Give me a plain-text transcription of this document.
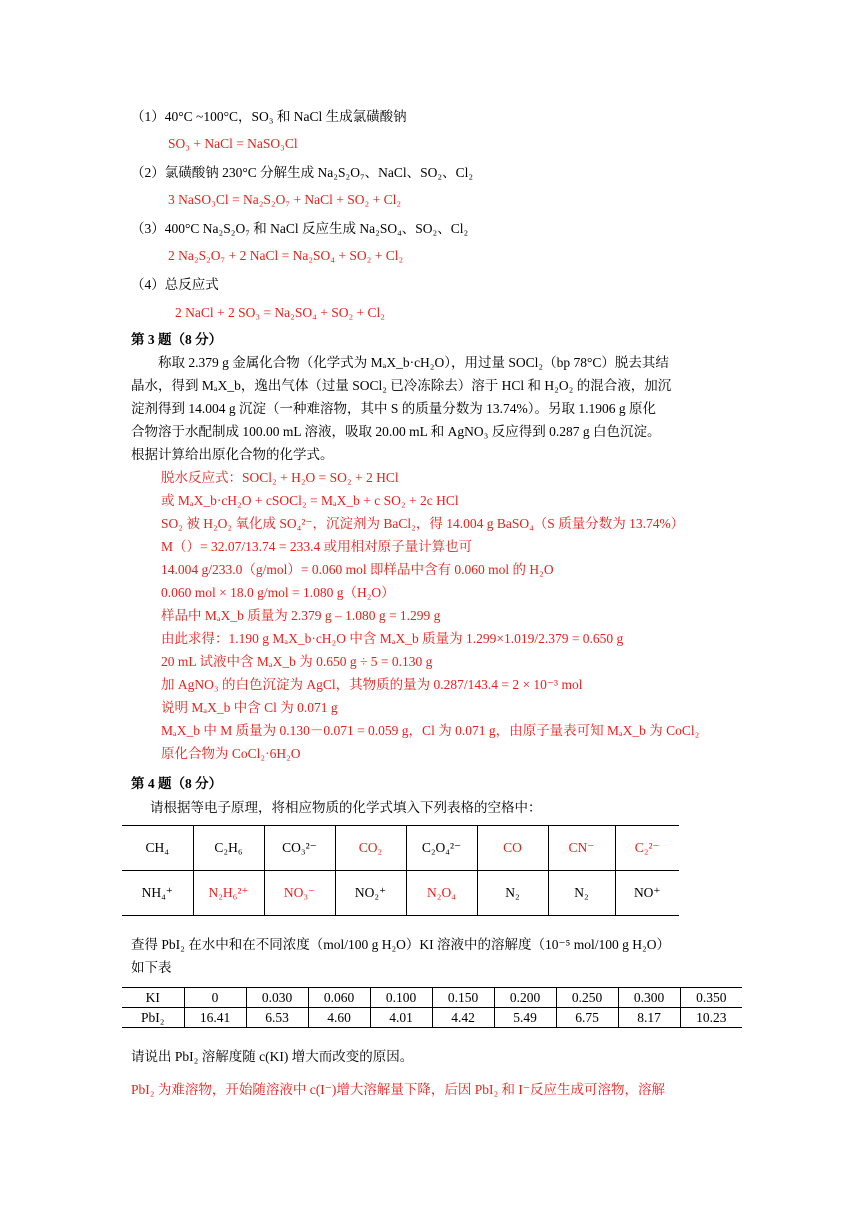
（1）40°C ~100°C，SO₃ 和 NaCl 生成氯磺酸钠
SO₃ + NaCl = NaSO₃Cl
（2）氯磺酸钠 230°C 分解生成 Na₂S₂O₇、NaCl、SO₂、Cl₂
3 NaSO₃Cl = Na₂S₂O₇ + NaCl + SO₂ + Cl₂
（3）400°C Na₂S₂O₇ 和 NaCl 反应生成 Na₂SO₄、SO₂、Cl₂
2 Na₂S₂O₇ + 2 NaCl = Na₂SO₄ + SO₂ + Cl₂
（4）总反应式
2 NaCl + 2 SO₃ = Na₂SO₄ + SO₂ + Cl₂
第 3 题（8 分）
称取 2.379 g 金属化合物（化学式为 MₐX_b·cH₂O），用过量 SOCl₂（bp 78°C）脱去其结
晶水，得到 MₐX_b，逸出气体（过量 SOCl₂ 已冷冻除去）溶于 HCl 和 H₂O₂ 的混合液，加沉
淀剂得到 14.004 g 沉淀（一种难溶物，其中 S 的质量分数为 13.74%）。另取 1.1906 g 原化
合物溶于水配制成 100.00 mL 溶液，吸取 20.00 mL 和 AgNO₃ 反应得到 0.287 g 白色沉淀。
根据计算给出原化合物的化学式。
脱水反应式：SOCl₂ + H₂O = SO₂ + 2 HCl
或 MₐX_b·cH₂O + cSOCl₂ = MₐX_b + c SO₂ + 2c HCl
SO₂ 被 H₂O₂ 氧化成 SO₄²⁻，沉淀剂为 BaCl₂，得 14.004 g BaSO₄（S 质量分数为 13.74%）
M（）= 32.07/13.74 = 233.4 或用相对原子量计算也可
14.004 g/233.0（g/mol）= 0.060 mol 即样品中含有 0.060 mol 的 H₂O
0.060 mol × 18.0 g/mol = 1.080 g（H₂O）
样品中 MₐX_b 质量为 2.379 g – 1.080 g = 1.299 g
由此求得：1.190 g MₐX_b·cH₂O 中含 MₐX_b 质量为 1.299×1.019/2.379 = 0.650 g
20 mL 试液中含 MₐX_b 为 0.650 g ÷ 5 = 0.130 g
加 AgNO₃ 的白色沉淀为 AgCl，其物质的量为 0.287/143.4 = 2 × 10⁻³ mol
说明 MₐX_b 中含 Cl 为 0.071 g
MₐX_b 中 M 质量为 0.130－0.071 = 0.059 g，Cl 为 0.071 g，由原子量表可知 MₐX_b 为 CoCl₂
原化合物为 CoCl₂·6H₂O
第 4 题（8 分）
请根据等电子原理，将相应物质的化学式填入下列表格的空格中：
查得 PbI₂ 在水中和在不同浓度（mol/100 g H₂O）KI 溶液中的溶解度（10⁻⁵ mol/100 g H₂O）
如下表
请说出 PbI₂ 溶解度随 c(KI) 增大而改变的原因。
PbI₂ 为难溶物，开始随溶液中 c(I⁻)增大溶解量下降，后因 PbI₂ 和 I⁻反应生成可溶物，溶解
CH₄	C₂H₆	CO₃²⁻	CO₂	C₂O₄²⁻	CO	CN⁻	C₂²⁻
NH₄⁺	N₂H₆²⁺	NO₃⁻	NO₂⁺	N₂O₄	N₂	N₂	NO⁺
KI	0	0.030	0.060	0.100	0.150	0.200	0.250	0.300	0.350
PbI₂	16.41	6.53	4.60	4.01	4.42	5.49	6.75	8.17	10.23
